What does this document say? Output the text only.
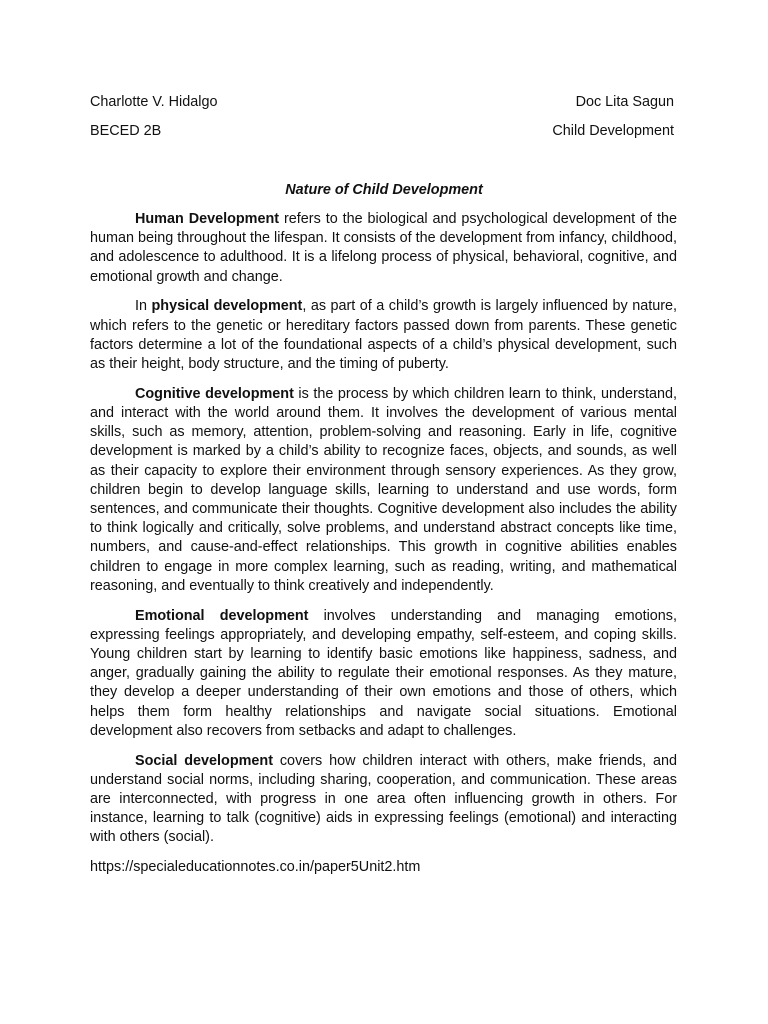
Charlotte V. Hidalgo	Doc Lita Sagun
BECED 2B	Child Development
Nature of Child Development

Human Development refers to the biological and psychological development of the human being throughout the lifespan. It consists of the development from infancy, childhood, and adolescence to adulthood. It is a lifelong process of physical, behavioral, cognitive, and emotional growth and change.

In physical development, as part of a child’s growth is largely influenced by nature, which refers to the genetic or hereditary factors passed down from parents. These genetic factors determine a lot of the foundational aspects of a child’s physical development, such as their height, body structure, and the timing of puberty.

Cognitive development is the process by which children learn to think, understand, and interact with the world around them. It involves the development of various mental skills, such as memory, attention, problem-solving and reasoning. Early in life, cognitive development is marked by a child’s ability to recognize faces, objects, and sounds, as well as their capacity to explore their environment through sensory experiences. As they grow, children begin to develop language skills, learning to understand and use words, form sentences, and communicate their thoughts. Cognitive development also includes the ability to think logically and critically, solve problems, and understand abstract concepts like time, numbers, and cause-and-effect relationships. This growth in cognitive abilities enables children to engage in more complex learning, such as reading, writing, and mathematical reasoning, and eventually to think creatively and independently.

Emotional development involves understanding and managing emotions, expressing feelings appropriately, and developing empathy, self-esteem, and coping skills. Young children start by learning to identify basic emotions like happiness, sadness, and anger, gradually gaining the ability to regulate their emotional responses. As they mature, they develop a deeper understanding of their own emotions and those of others, which helps them form healthy relationships and navigate social situations. Emotional development also recovers from setbacks and adapt to challenges.

Social development covers how children interact with others, make friends, and understand social norms, including sharing, cooperation, and communication. These areas are interconnected, with progress in one area often influencing growth in others. For instance, learning to talk (cognitive) aids in expressing feelings (emotional) and interacting with others (social).

https://specialeducationnotes.co.in/paper5Unit2.htm
